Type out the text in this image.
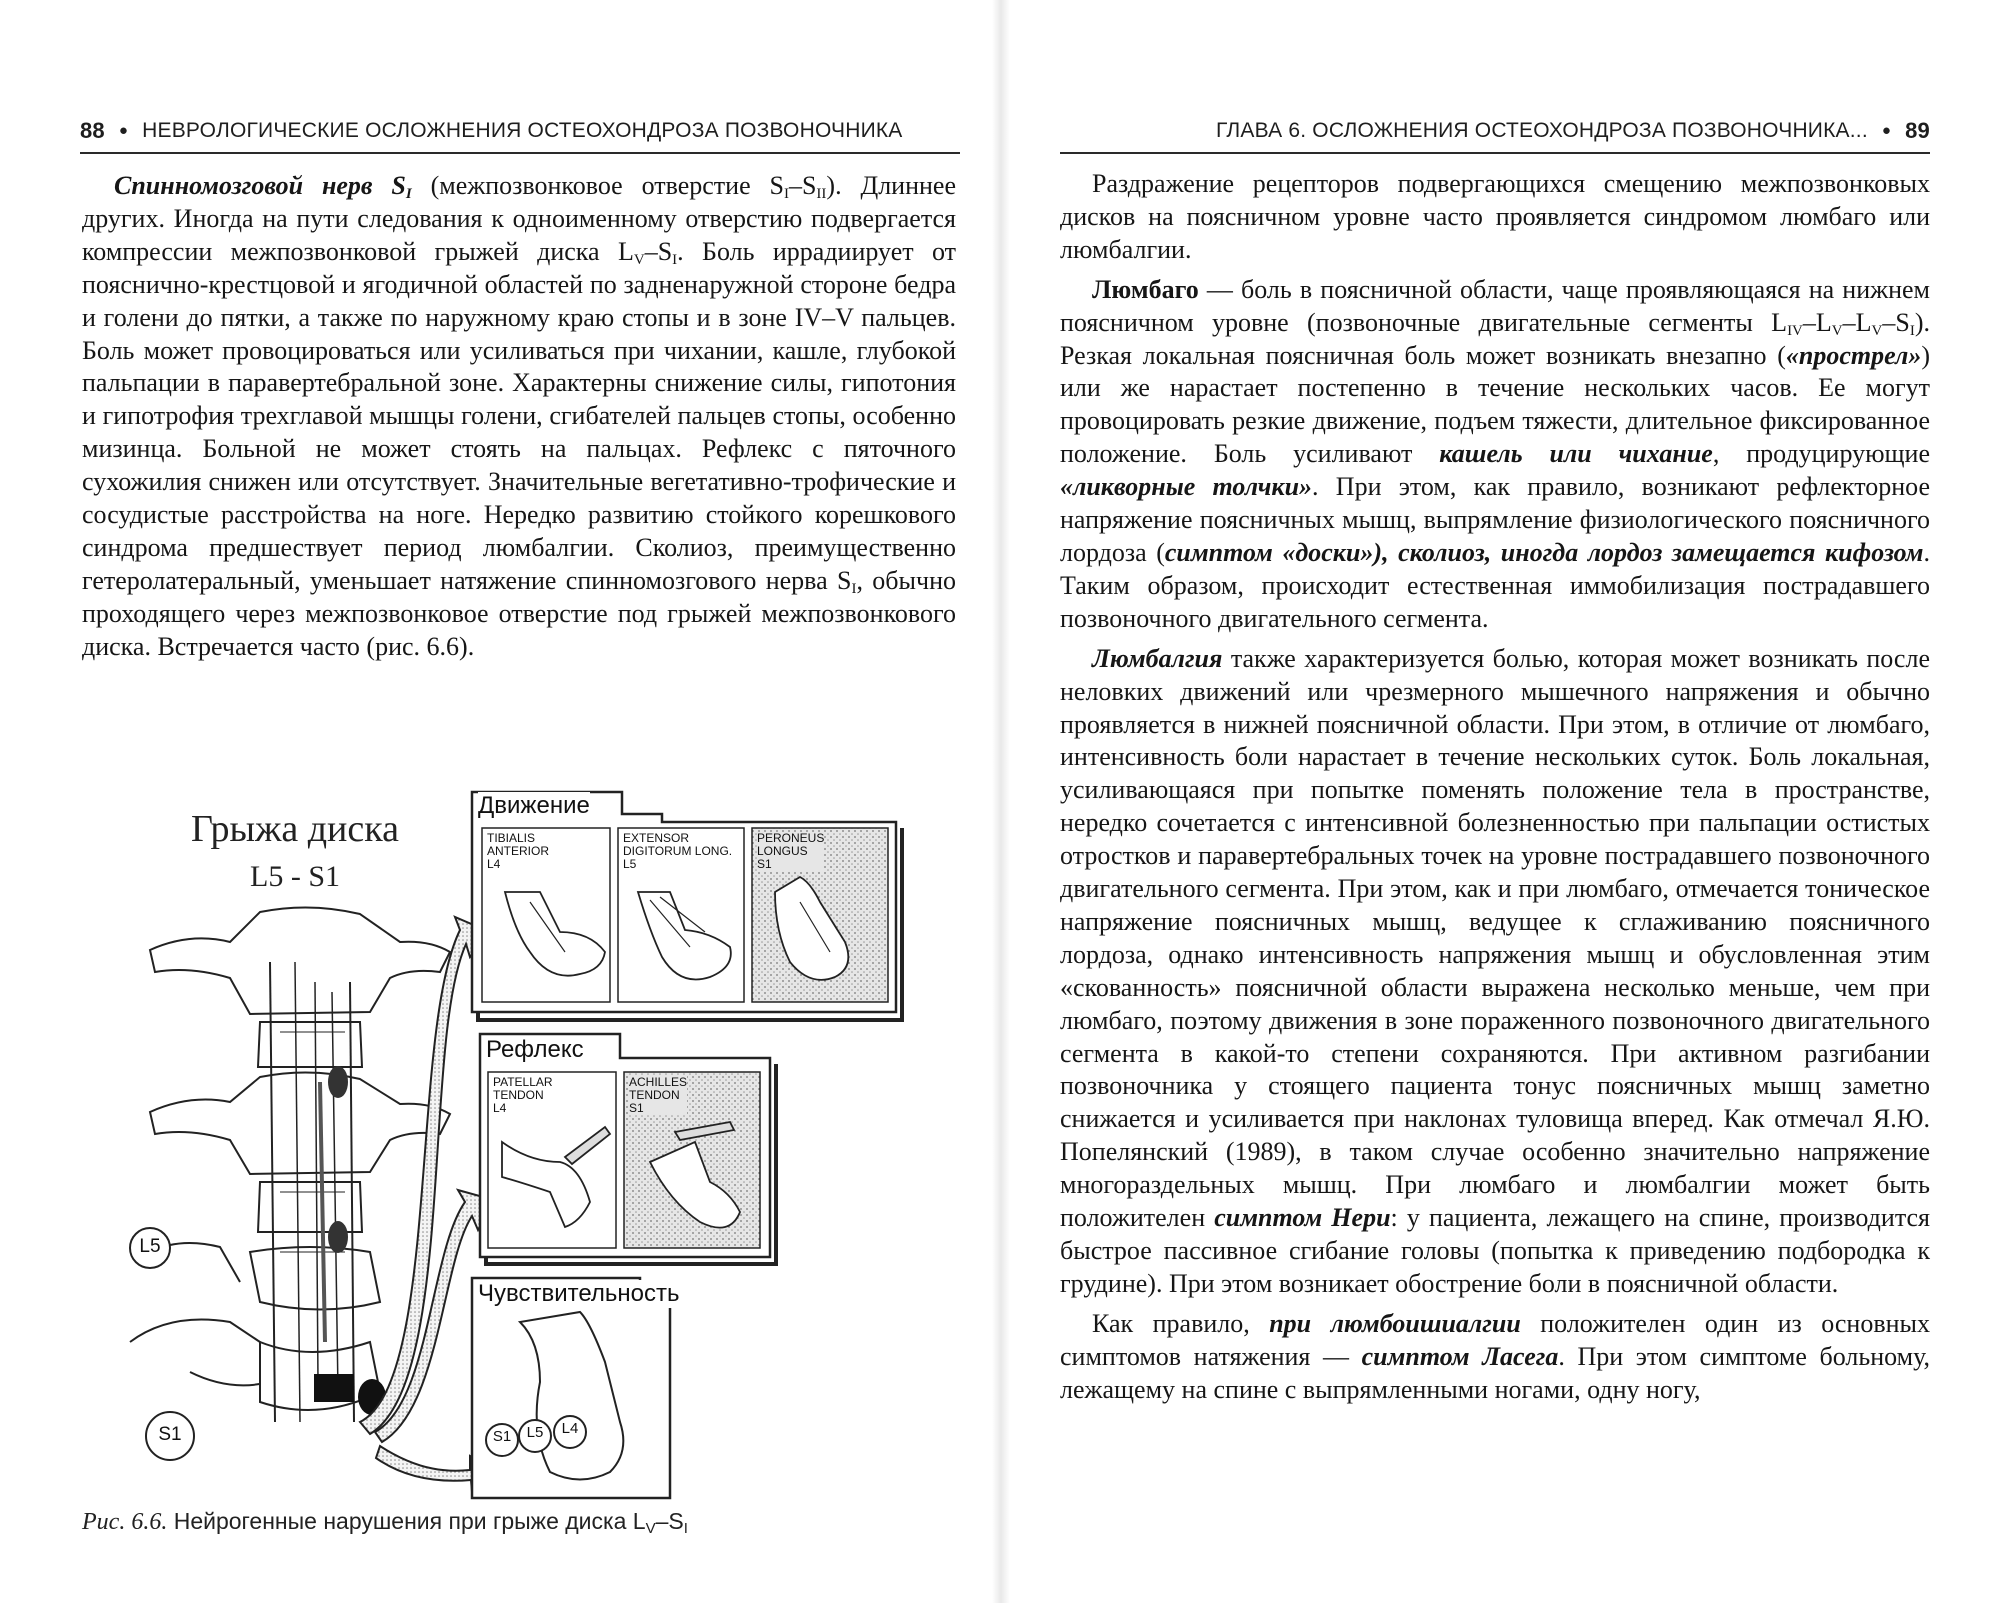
88 ● НЕВРОЛОГИЧЕСКИЕ ОСЛОЖНЕНИЯ ОСТЕОХОНДРОЗА ПОЗВОНОЧНИКА

Спинномозговой нерв $S_I$ (межпозвонковое отверстие $S_I-S_{II}$). Длиннее других. Иногда на пути следования к одноименному отверстию подвергается компрессии межпозвонковой грыжей диска $L_V-S_I$. Боль иррадиирует от пояснично-крестцовой и ягодичной областей по задненаружной стороне бедра и голени до пятки, а также по наружному краю стопы и в зоне IV–V пальцев. Боль может провоцироваться или усиливаться при чихании, кашле, глубокой пальпации в паравертебральной зоне. Характерны снижение силы, гипотония и гипотрофия трехглавой мышцы голени, сгибателей пальцев стопы, особенно мизинца. Больной не может стоять на пальцах. Рефлекс с пяточного сухожилия снижен или отсутствует. Значительные вегетативно-трофические и сосудистые расстройства на ноге. Нередко развитию стойкого корешкового синдрома предшествует период люмбалгии. Сколиоз, преимущественно гетеролатеральный, уменьшает натяжение спинномозгового нерва $S_I$, обычно проходящего через межпозвонковое отверстие под грыжей межпозвонкового диска. Встречается часто (рис. 6.6).

Грыжа диска
L5 - S1
L5
S1
Движение
TIBIALIS
ANTERIOR
L4
EXTENSOR
DIGITORUM LONG.
L5
PERONEUS
LONGUS
S1
Рефлекс
PATELLAR
TENDON
L4
ACHILLES
TENDON
S1
Чувствительность
S1	L5	L4
Рис. 6.6. Нейрогенные нарушения при грыже диска $L_V-S_I$
ГЛАВА 6. ОСЛОЖНЕНИЯ ОСТЕОХОНДРОЗА ПОЗВОНОЧНИКА... ● 89

Раздражение рецепторов подвергающихся смещению межпозвонковых дисков на поясничном уровне часто проявляется синдромом люмбаго или люмбалгии.

Люмбаго — боль в поясничной области, чаще проявляющаяся на нижнем поясничном уровне (позвоночные двигательные сегменты $L_{IV}-L_V-L_V-S_I$). Резкая локальная поясничная боль может возникать внезапно («прострел») или же нарастает постепенно в течение нескольких часов. Ее могут провоцировать резкие движение, подъем тяжести, длительное фиксированное положение. Боль усиливают кашель или чихание, продуцирующие «ликворные толчки». При этом, как правило, возникают рефлекторное напряжение поясничных мышц, выпрямление физиологического поясничного лордоза (симптом «доски»), сколиоз, иногда лордоз замещается кифозом. Таким образом, происходит естественная иммобилизация пострадавшего позвоночного двигательного сегмента.

Люмбалгия также характеризуется болью, которая может возникать после неловких движений или чрезмерного мышечного напряжения и обычно проявляется в нижней поясничной области. При этом, в отличие от люмбаго, интенсивность боли нарастает в течение нескольких суток. Боль локальная, усиливающаяся при попытке поменять положение тела в пространстве, нередко сочетается с интенсивной болезненностью при пальпации остистых отростков и паравертебральных точек на уровне пострадавшего позвоночного двигательного сегмента. При этом, как и при люмбаго, отмечается тоническое напряжение поясничных мышц, ведущее к сглаживанию поясничного лордоза, однако интенсивность напряжения мышц и обусловленная этим «скованность» поясничной области выражена несколько меньше, чем при люмбаго, поэтому движения в зоне пораженного позвоночного двигательного сегмента в какой-то степени сохраняются. При активном разгибании позвоночника у стоящего пациента тонус поясничных мышц заметно снижается и усиливается при наклонах туловища вперед. Как отмечал Я.Ю. Попелянский (1989), в таком случае особенно значительно напряжение многораздельных мышц. При люмбаго и люмбалгии может быть положителен симптом Нери: у пациента, лежащего на спине, производится быстрое пассивное сгибание головы (попытка к приведению подбородка к грудине). При этом возникает обострение боли в поясничной области.

Как правило, при люмбоишиалгии положителен один из основных симптомов натяжения — симптом Ласега. При этом симптоме больному, лежащему на спине с выпрямленными ногами, одну ногу,
